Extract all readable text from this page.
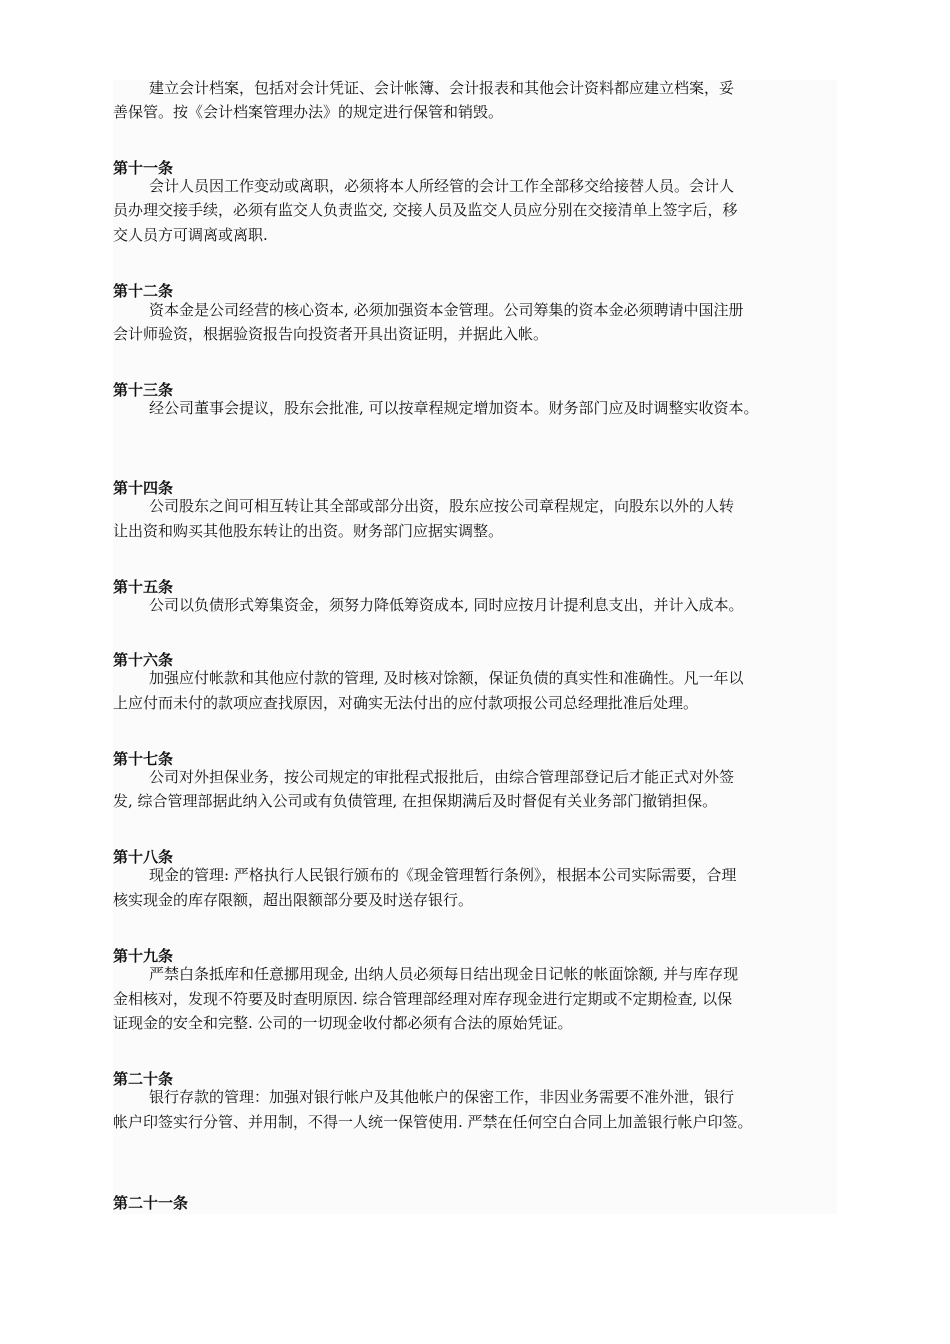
建立会计档案，包括对会计凭证、会计帐簿、会计报表和其他会计资料都应建立档案，妥
善保管。按《会计档案管理办法》的规定进行保管和销毁。
第十一条
会计人员因工作变动或离职，必须将本人所经管的会计工作全部移交给接替人员。会计人
员办理交接手续，必须有监交人负责监交, 交接人员及监交人员应分别在交接清单上签字后，移
交人员方可调离或离职.
第十二条
资本金是公司经营的核心资本, 必须加强资本金管理。公司筹集的资本金必须聘请中国注册
会计师验资，根据验资报告向投资者开具出资证明，并据此入帐。
第十三条
经公司董事会提议，股东会批准, 可以按章程规定增加资本。财务部门应及时调整实收资本。
第十四条
公司股东之间可相互转让其全部或部分出资，股东应按公司章程规定，向股东以外的人转
让出资和购买其他股东转让的出资。财务部门应据实调整。
第十五条
公司以负债形式筹集资金，须努力降低筹资成本, 同时应按月计提利息支出，并计入成本。
第十六条
加强应付帐款和其他应付款的管理, 及时核对馀额，保证负债的真实性和准确性。凡一年以
上应付而未付的款项应查找原因，对确实无法付出的应付款项报公司总经理批准后处理。
第十七条
公司对外担保业务，按公司规定的审批程式报批后，由综合管理部登记后才能正式对外签
发, 综合管理部据此纳入公司或有负债管理, 在担保期满后及时督促有关业务部门撤销担保。
第十八条
现金的管理: 严格执行人民银行颁布的《现金管理暂行条例》，根据本公司实际需要，合理
核实现金的库存限额，超出限额部分要及时送存银行。
第十九条
严禁白条抵库和任意挪用现金, 出纳人员必须每日结出现金日记帐的帐面馀额, 并与库存现
金相核对，发现不符要及时查明原因. 综合管理部经理对库存现金进行定期或不定期检查, 以保
证现金的安全和完整. 公司的一切现金收付都必须有合法的原始凭证。
第二十条
银行存款的管理：加强对银行帐户及其他帐户的保密工作，非因业务需要不准外泄，银行
帐户印签实行分管、并用制，不得一人统一保管使用. 严禁在任何空白合同上加盖银行帐户印签。
第二十一条
